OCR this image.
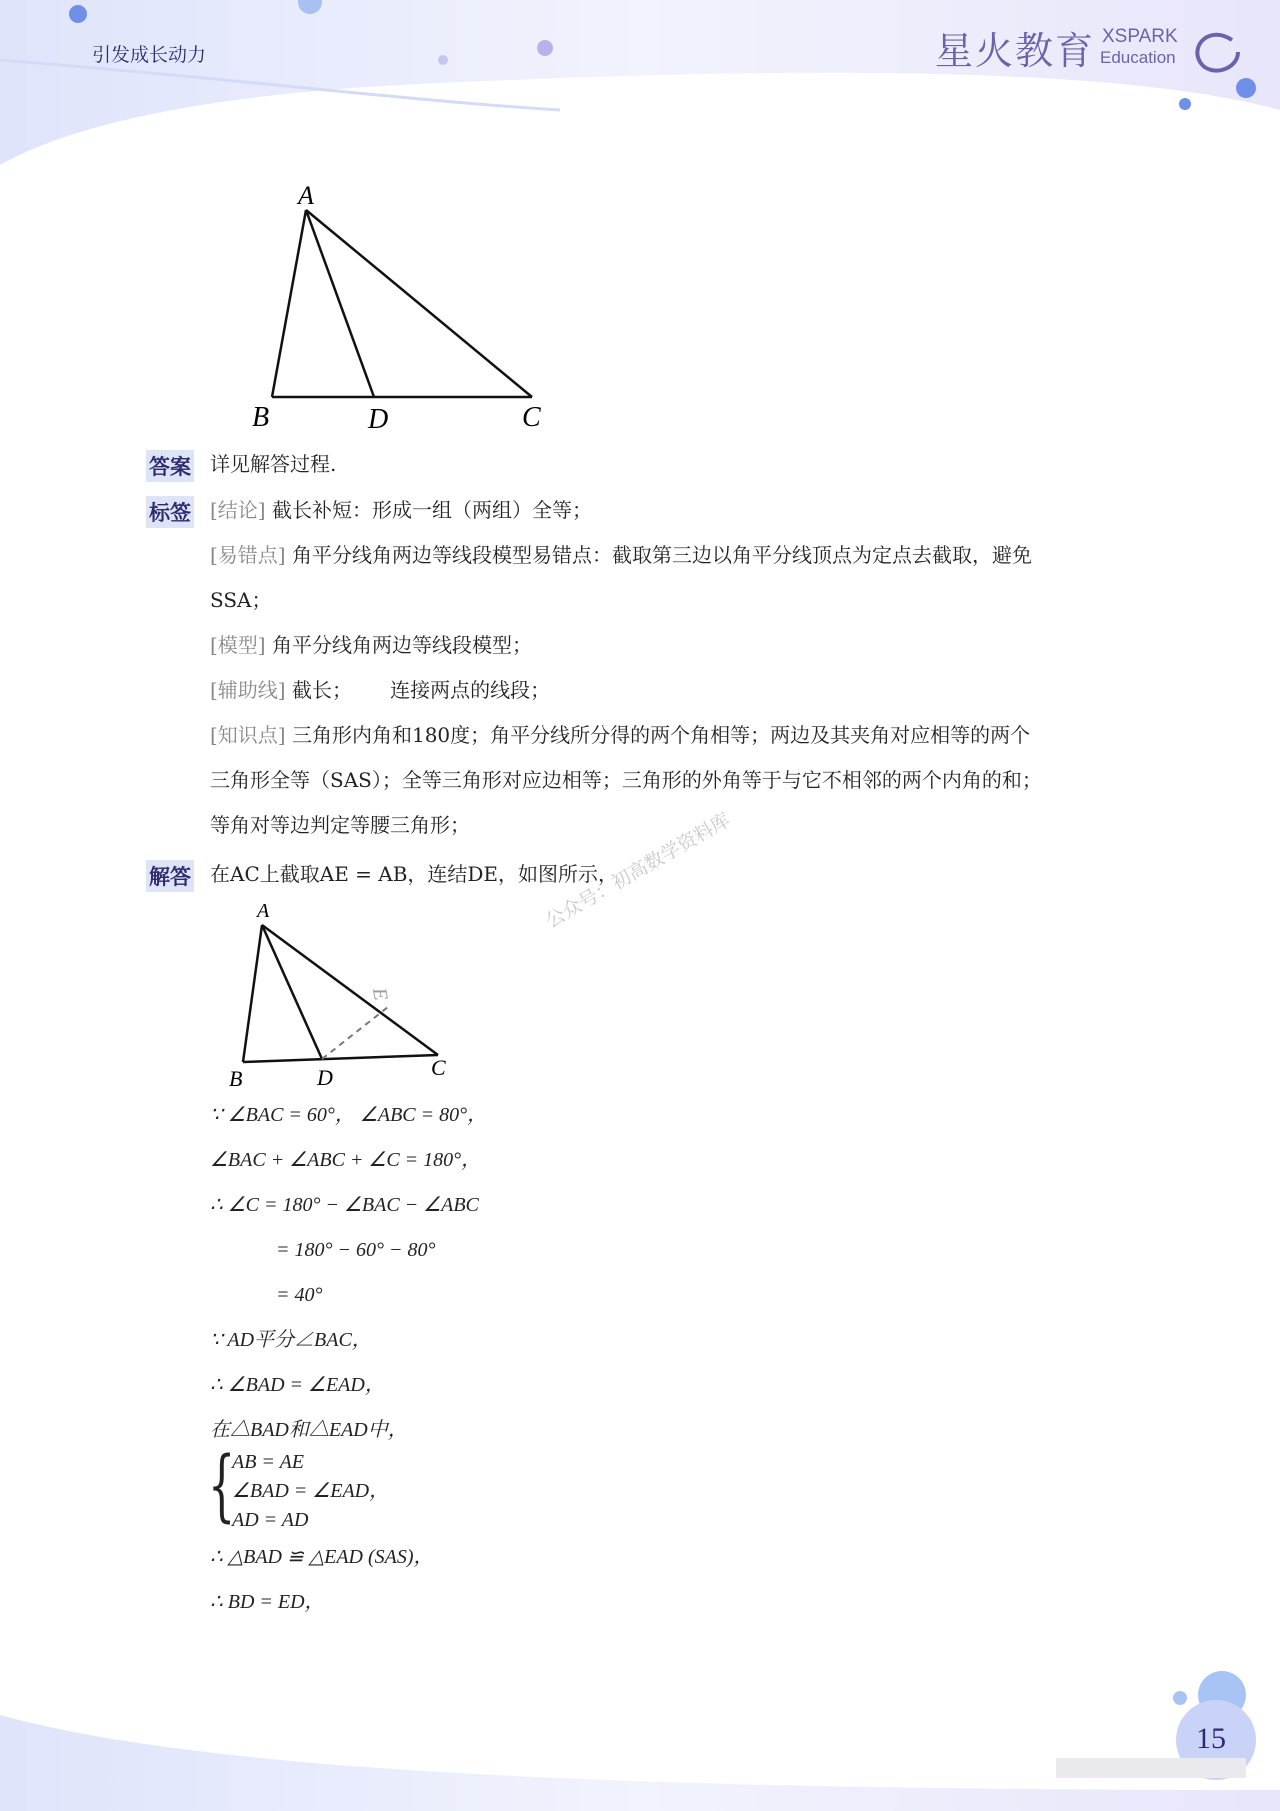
引发成长动力	星火教育 XSPARK
Education
A
B	D	C
答案 详见解答过程.
标签 [结论] 截长补短：形成一组（两组）全等；
[易错点] 角平分线角两边等线段模型易错点：截取第三边以角平分线顶点为定点去截取，避免
SSA；
[模型] 角平分线角两边等线段模型；
[辅助线] 截长；      连接两点的线段；
[知识点] 三角形内角和180度；角平分线所分得的两个角相等；两边及其夹角对应相等的两个
三角形全等（SAS）；全等三角形对应边相等；三角形的外角等于与它不相邻的两个内角的和；
等角对等边判定等腰三角形；
解答 在AC上截取AE = AB，连结DE，如图所示，
公众号：初高数学资料库
A
B	D	C
E
∵ ∠BAC = 60°， ∠ABC = 80°，
∠BAC + ∠ABC + ∠C = 180°，
∴ ∠C = 180° − ∠BAC − ∠ABC
= 180° − 60° − 80°
= 40°
∵ AD平分∠BAC，
∴ ∠BAD = ∠EAD，
在△BAD和△EAD中，
{
AB = AE
∠BAD = ∠EAD，
AD = AD
∴ △BAD ≌ △EAD (SAS)，
∴ BD = ED，
15
